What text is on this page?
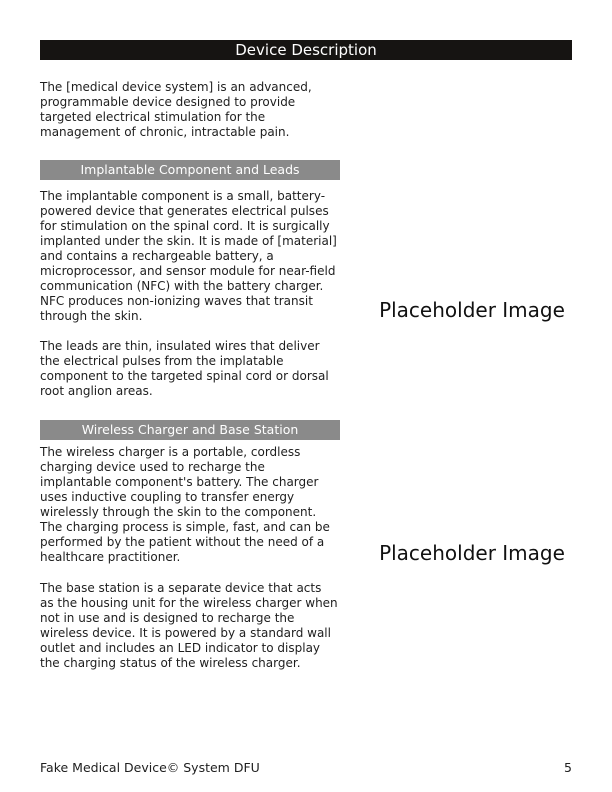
Device Description

The [medical device system] is an advanced,
programmable device designed to provide
targeted electrical stimulation for the
management of chronic, intractable pain.

Implantable Component and Leads

The implantable component is a small, battery-
powered device that generates electrical pulses
for stimulation on the spinal cord. It is surgically
implanted under the skin. It is made of [material]
and contains a rechargeable battery, a
microprocessor, and sensor module for near-field
communication (NFC) with the battery charger.
NFC produces non-ionizing waves that transit
through the skin.

The leads are thin, insulated wires that deliver
the electrical pulses from the implatable
component to the targeted spinal cord or dorsal
root anglion areas.

Placeholder Image
Wireless Charger and Base Station

The wireless charger is a portable, cordless
charging device used to recharge the
implantable component's battery. The charger
uses inductive coupling to transfer energy
wirelessly through the skin to the component.
The charging process is simple, fast, and can be
performed by the patient without the need of a
healthcare practitioner.

The base station is a separate device that acts
as the housing unit for the wireless charger when
not in use and is designed to recharge the
wireless device. It is powered by a standard wall
outlet and includes an LED indicator to display
the charging status of the wireless charger.

Placeholder Image
Fake Medical Device© System DFU	5
